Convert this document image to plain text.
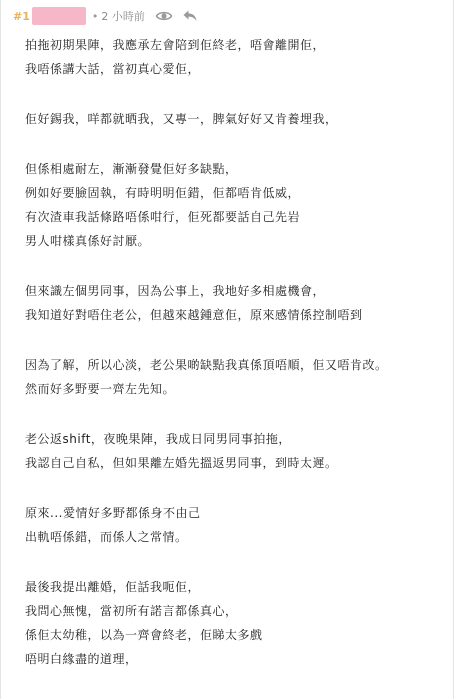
#1	• 2 小時前
拍拖初期果陣，我應承左會陪到佢終老，唔會離開佢，
我唔係講大話，當初真心愛佢，
佢好錫我，咩都就晒我，又專一，脾氣好好又肯養埋我，
但係相處耐左，漸漸發覺佢好多缺點，
例如好要臉固執，有時明明佢錯，佢都唔肯低威，
有次渣車我話條路唔係咁行，佢死都要話自己先岩
男人咁樣真係好討厭。
但來識左個男同事，因為公事上，我地好多相處機會，
我知道好對唔住老公，但越來越鍾意佢，原來感情係控制唔到
因為了解，所以心淡，老公果啲缺點我真係頂唔順，佢又唔肯改。
然而好多野要一齊左先知。
老公返shift，夜晚果陣，我成日同男同事拍拖，
我認自己自私，但如果離左婚先搵返男同事，到時太遲。
原來...愛情好多野都係身不由己
出軌唔係錯，而係人之常情。
最後我提出離婚，佢話我呃佢，
我問心無愧，當初所有諾言都係真心，
係佢太幼稚，以為一齊會終老，佢睇太多戲
唔明白緣盡的道理，
